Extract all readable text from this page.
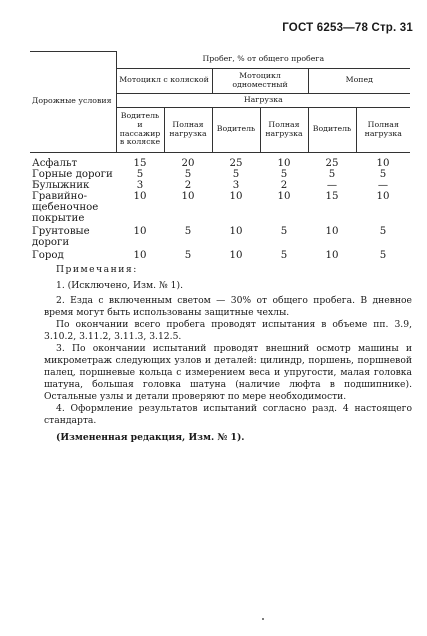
ГОСТ 6253—78 Стр. 31
Дорожные условия	Пробег, % от общего пробега					
	Мотоцикл с коляской		Мотоцикл одноместный		Мопед	
	Нагрузка					
	Водитель и пассажир в коляске	Полная нагрузка	Водитель	Полная нагрузка	Водитель	Полная нагрузка
Асфальт	15	20	25	10	25	10
Горные дороги	5	5	5	5	5	5
Булыжник	3	2	3	2	—	—
Гравийно-щебеночное покрытие	10	10	10	10	15	10
Грунтовые дороги	10	5	10	5	10	5
Город	10	5	10	5	10	5

Примечания:

1. (Исключено, Изм. № 1).

2. Езда с включенным светом — 30% от общего пробега. В дневное время могут быть использованы защитные чехлы.

По окончании всего пробега проводят испытания в объеме пп. 3.9, 3.10.2, 3.11.2, 3.11.3, 3.12.5.

3. По окончании испытаний проводят внешний осмотр машины и микрометраж следующих узлов и деталей: цилиндр, поршень, поршневой палец, поршневые кольца с измерением веса и упругости, малая головка шатуна, большая головка шатуна (наличие люфта в подшипнике). Остальные узлы и детали проверяют по мере необходимости.

4. Оформление результатов испытаний согласно разд. 4 настоящего стандарта.

(Измененная редакция, Изм. № 1).
